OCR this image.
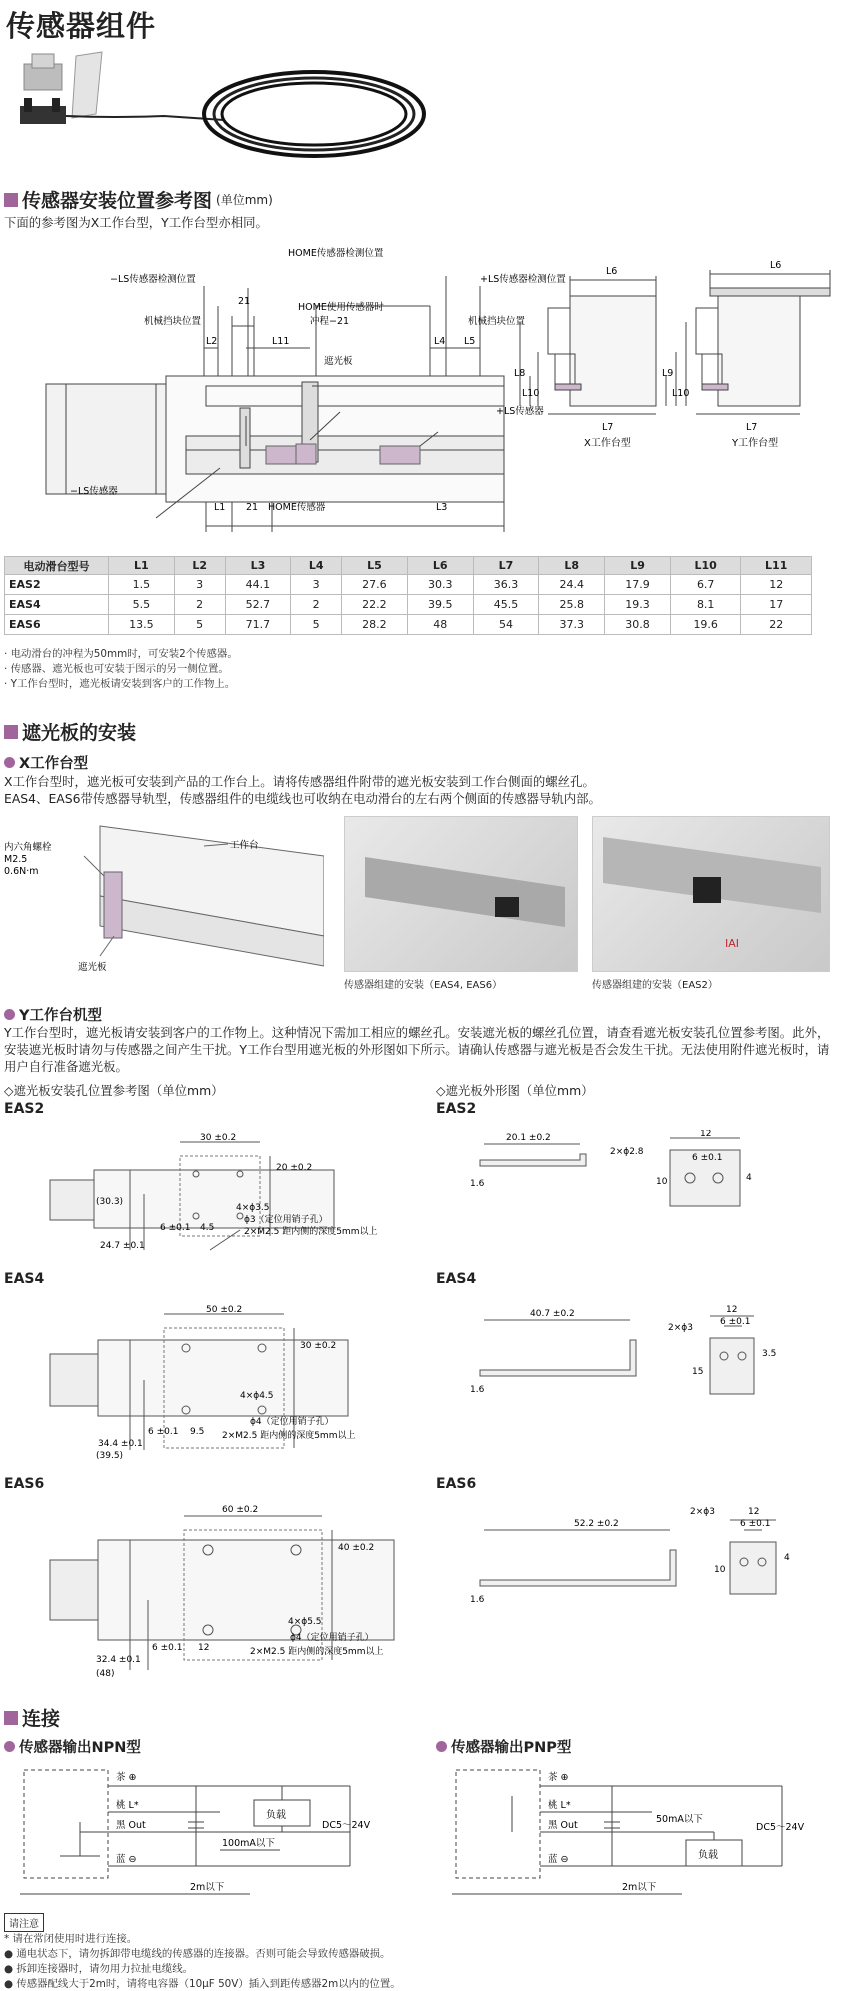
传感器组件
传感器安装位置参考图 (单位mm)
下面的参考图为X工作台型，Y工作台型亦相同。
HOME传感器检测位置
−LS传感器检测位置	+LS传感器检测位置
机械挡块位置	机械挡块位置
HOME使用传感器时
冲程−21
21
L2	L11	L4 L5
遮光板
+LS传感器
−LS传感器
HOME传感器
L1 21	L3
L6
L6
L8
L10
L9
L10
L7	L7
X工作台型	Y工作台型
电动滑台型号	L1	L2	L3	L4	L5	L6	L7	L8	L9	L10	L11
EAS2	1.5	3	44.1	3	27.6	30.3	36.3	24.4	17.9	6.7	12
EAS4	5.5	2	52.7	2	22.2	39.5	45.5	25.8	19.3	8.1	17
EAS6	13.5	5	71.7	5	28.2	48	54	37.3	30.8	19.6	22
· 电动滑台的冲程为50mm时，可安装2个传感器。
· 传感器、遮光板也可安装于图示的另一侧位置。
· Y工作台型时，遮光板请安装到客户的工作物上。
遮光板的安装
X工作台型
X工作台型时，遮光板可安装到产品的工作台上。请将传感器组件附带的遮光板安装到工作台侧面的螺丝孔。
EAS4、EAS6带传感器导轨型，传感器组件的电缆线也可收纳在电动滑台的左右两个侧面的传感器导轨内部。
内六角螺栓
M2.5
0.6N·m
工作台
遮光板
传感器组建的安装（EAS4, EAS6）
IAI
传感器组建的安装（EAS2）
Y工作台机型
Y工作台型时，遮光板请安装到客户的工作物上。这种情况下需加工相应的螺丝孔。安装遮光板的螺丝孔位置，请查看遮光板安装孔位置参考图。此外，安装遮光板时请勿与传感器之间产生干扰。Y工作台型用遮光板的外形图如下所示。请确认传感器与遮光板是否会发生干扰。无法使用附件遮光板时，请用户自行准备遮光板。
◇遮光板安装孔位置参考图（单位mm）	◇遮光板外形图（单位mm）
EAS2	EAS2
30 ±0.2
20 ±0.2
4×ϕ3.5
ϕ3（定位用销子孔）
2×M2.5 距内侧的深度5mm以上
6 ±0.1 4.5
24.7 ±0.1
(30.3)
20.1 ±0.2
1.6
2×ϕ2.8
12
6 ±0.1
10	4
EAS4	EAS4
50 ±0.2
30 ±0.2
4×ϕ4.5
ϕ4（定位用销子孔）
2×M2.5 距内侧的深度5mm以上
6 ±0.1 9.5
34.4 ±0.1
(39.5)
40.7 ±0.2
1.6
2×ϕ3
12
6 ±0.1
15
3.5
EAS6	EAS6
60 ±0.2
40 ±0.2
4×ϕ5.5
ϕ4（定位用销子孔）
2×M2.5 距内侧的深度5mm以上
6 ±0.1 12
32.4 ±0.1
(48)
52.2 ±0.2
1.6
2×ϕ3	12
6 ±0.1
10
4
连接
传感器输出NPN型	传感器输出PNP型
茶 ⊕
桃 L*
黑 Out
蓝 ⊖
负载
DC5～24V
100mA以下
2m以下
茶 ⊕
桃 L*
黑 Out
蓝 ⊖	负载
DC5～24V
50mA以下
2m以下
请注意
* 请在常闭使用时进行连接。
● 通电状态下，请勿拆卸带电缆线的传感器的连接器。否则可能会导致传感器破损。
● 拆卸连接器时，请勿用力拉扯电缆线。
● 传感器配线大于2m时，请将电容器（10μF 50V）插入到距传感器2m以内的位置。
